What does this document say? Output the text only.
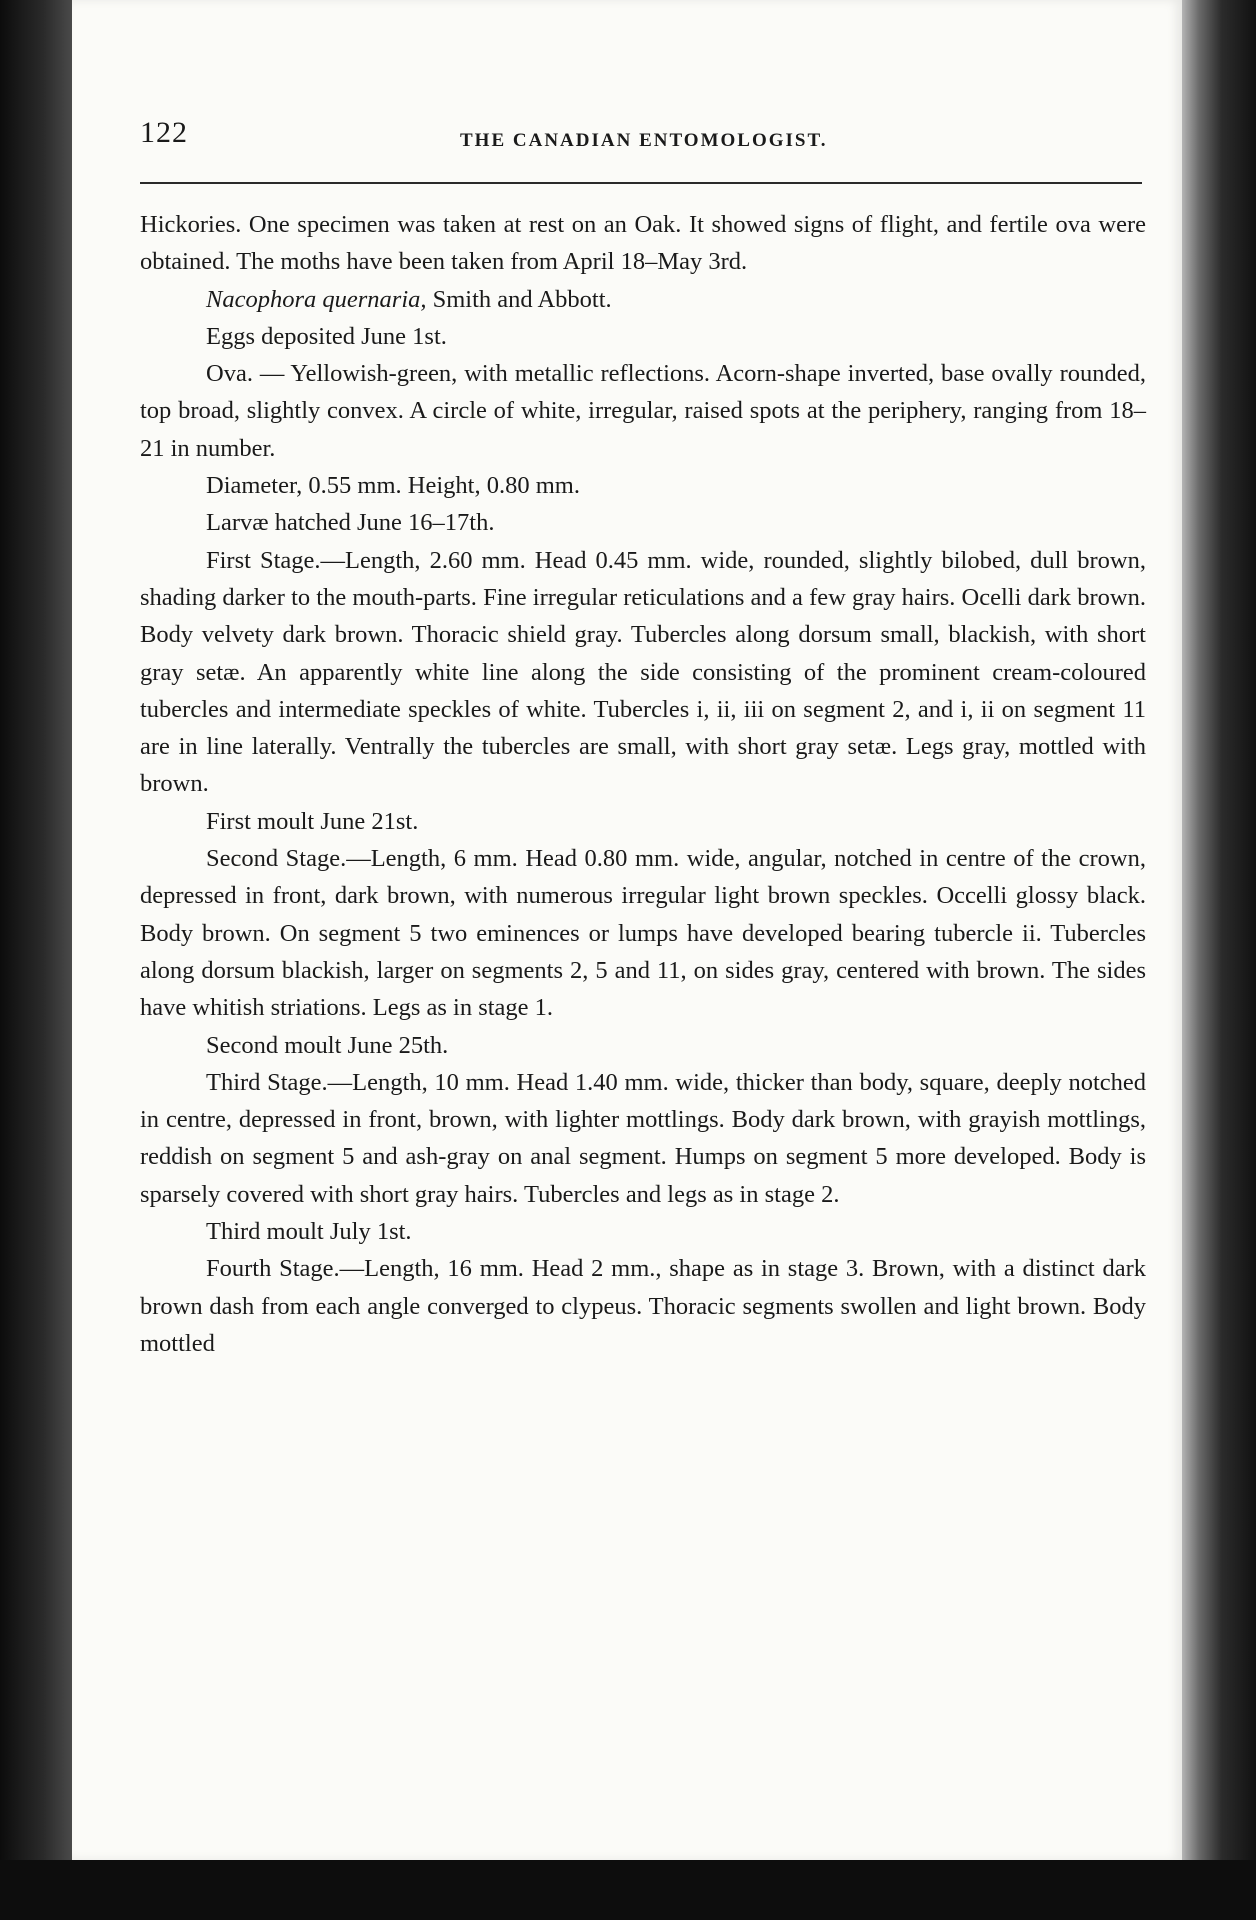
122	THE CANADIAN ENTOMOLOGIST.

Hickories. One specimen was taken at rest on an Oak. It showed signs of flight, and fertile ova were obtained. The moths have been taken from April 18–May 3rd.

Nacophora quernaria, Smith and Abbott.

Eggs deposited June 1st.

Ova. — Yellowish-green, with metallic reflections. Acorn-shape inverted, base ovally rounded, top broad, slightly convex. A circle of white, irregular, raised spots at the periphery, ranging from 18–21 in number.

Diameter, 0.55 mm. Height, 0.80 mm.

Larvæ hatched June 16–17th.

First Stage.—Length, 2.60 mm. Head 0.45 mm. wide, rounded, slightly bilobed, dull brown, shading darker to the mouth-parts. Fine irregular reticulations and a few gray hairs. Ocelli dark brown. Body velvety dark brown. Thoracic shield gray. Tubercles along dorsum small, blackish, with short gray setæ. An apparently white line along the side consisting of the prominent cream-coloured tubercles and intermediate speckles of white. Tubercles i, ii, iii on segment 2, and i, ii on segment 11 are in line laterally. Ventrally the tubercles are small, with short gray setæ. Legs gray, mottled with brown.

First moult June 21st.

Second Stage.—Length, 6 mm. Head 0.80 mm. wide, angular, notched in centre of the crown, depressed in front, dark brown, with numerous irregular light brown speckles. Occelli glossy black. Body brown. On segment 5 two eminences or lumps have developed bearing tubercle ii. Tubercles along dorsum blackish, larger on segments 2, 5 and 11, on sides gray, centered with brown. The sides have whitish striations. Legs as in stage 1.

Second moult June 25th.

Third Stage.—Length, 10 mm. Head 1.40 mm. wide, thicker than body, square, deeply notched in centre, depressed in front, brown, with lighter mottlings. Body dark brown, with grayish mottlings, reddish on segment 5 and ash-gray on anal segment. Humps on segment 5 more developed. Body is sparsely covered with short gray hairs. Tubercles and legs as in stage 2.

Third moult July 1st.

Fourth Stage.—Length, 16 mm. Head 2 mm., shape as in stage 3. Brown, with a distinct dark brown dash from each angle converged to clypeus. Thoracic segments swollen and light brown. Body mottled
